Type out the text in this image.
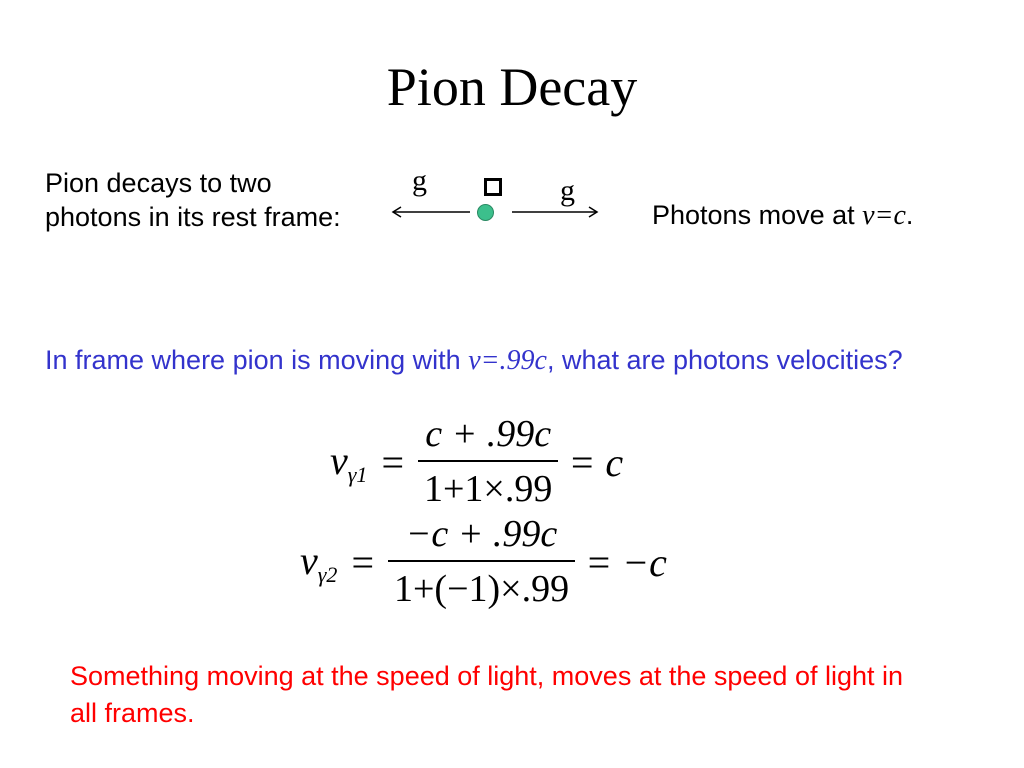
Pion Decay
Pion decays to two photons in its rest frame:
g	g
Photons move at v=c.
In frame where pion is moving with v=.99c, what are photons velocities?
$v_{\gamma 1} = \frac{c + .99c}{1+1\times.99} = c$
$v_{\gamma 2} = \frac{-c + .99c}{1+(-1)\times.99} = -c$
Something moving at the speed of light, moves at the speed of light in all frames.
